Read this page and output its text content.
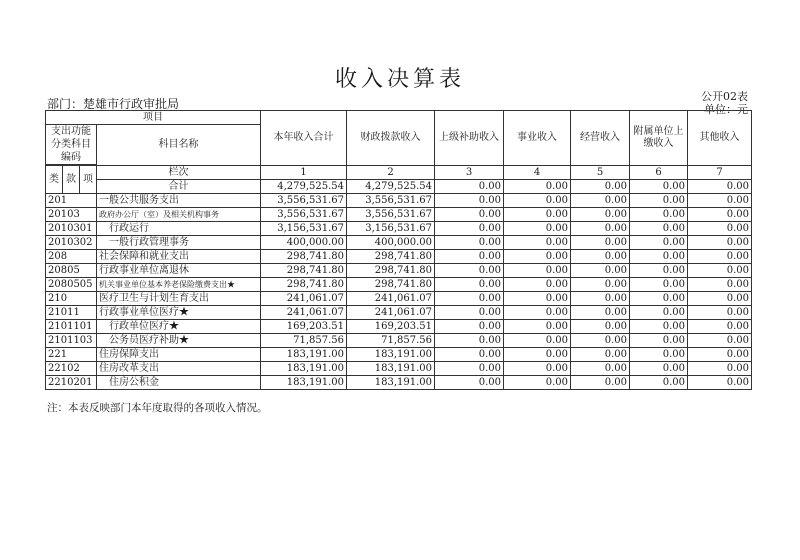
收入决算表
部门：楚雄市行政审批局
公开02表
单位：元
项目				本年收入合计	财政拨款收入	上级补助收入	事业收入	经营收入	附属单位上缴收入	其他收入
支出功能分类科目编码			科目名称							

类	款	项	栏次	1	2	3	4	5	6	7
			合计	4,279,525.54	4,279,525.54	0.00	0.00	0.00	0.00	0.00
201			一般公共服务支出	3,556,531.67	3,556,531.67	0.00	0.00	0.00	0.00	0.00
20103			政府办公厅（室）及相关机构事务	3,556,531.67	3,556,531.67	0.00	0.00	0.00	0.00	0.00
2010301			行政运行	3,156,531.67	3,156,531.67	0.00	0.00	0.00	0.00	0.00
2010302			一般行政管理事务	400,000.00	400,000.00	0.00	0.00	0.00	0.00	0.00
208			社会保障和就业支出	298,741.80	298,741.80	0.00	0.00	0.00	0.00	0.00
20805			行政事业单位离退休	298,741.80	298,741.80	0.00	0.00	0.00	0.00	0.00
2080505			机关事业单位基本养老保险缴费支出★	298,741.80	298,741.80	0.00	0.00	0.00	0.00	0.00
210			医疗卫生与计划生育支出	241,061.07	241,061.07	0.00	0.00	0.00	0.00	0.00
21011			行政事业单位医疗★	241,061.07	241,061.07	0.00	0.00	0.00	0.00	0.00
2101101			行政单位医疗★	169,203.51	169,203.51	0.00	0.00	0.00	0.00	0.00
2101103			公务员医疗补助★	71,857.56	71,857.56	0.00	0.00	0.00	0.00	0.00
221			住房保障支出	183,191.00	183,191.00	0.00	0.00	0.00	0.00	0.00
22102			住房改革支出	183,191.00	183,191.00	0.00	0.00	0.00	0.00	0.00
2210201			住房公积金	183,191.00	183,191.00	0.00	0.00	0.00	0.00	0.00
注：本表反映部门本年度取得的各项收入情况。
